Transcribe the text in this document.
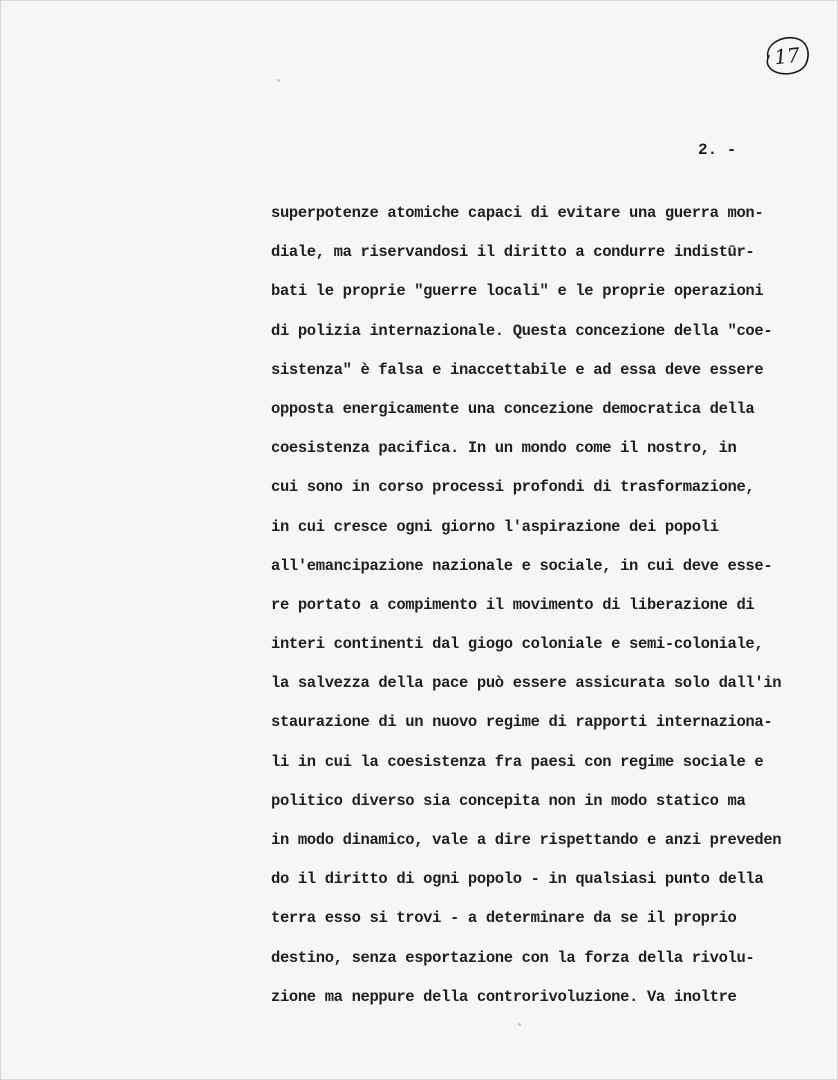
17
2. -
superpotenze atomiche capaci di evitare una guerra mon-
diale, ma riservandosi il diritto a condurre indistūr-
bati le proprie "guerre locali" e le proprie operazioni
di polizia internazionale. Questa concezione della "coe-
sistenza" è falsa e inaccettabile e ad essa deve essere
opposta energicamente una concezione democratica della
coesistenza pacifica. In un mondo come il nostro, in
cui sono in corso processi profondi di trasformazione,
in cui cresce ogni giorno l'aspirazione dei popoli
all'emancipazione nazionale e sociale, in cui deve esse-
re portato a compimento il movimento di liberazione di
interi continenti dal giogo coloniale e semi-coloniale,
la salvezza della pace può essere assicurata solo dall'in
staurazione di un nuovo regime di rapporti internaziona-
li in cui la coesistenza fra paesi con regime sociale e
politico diverso sia concepita non in modo statico ma
in modo dinamico, vale a dire rispettando e anzi preveden
do il diritto di ogni popolo - in qualsiasi punto della
terra esso si trovi - a determinare da se il proprio
destino, senza esportazione con la forza della rivolu-
zione ma neppure della controrivoluzione. Va inoltre
